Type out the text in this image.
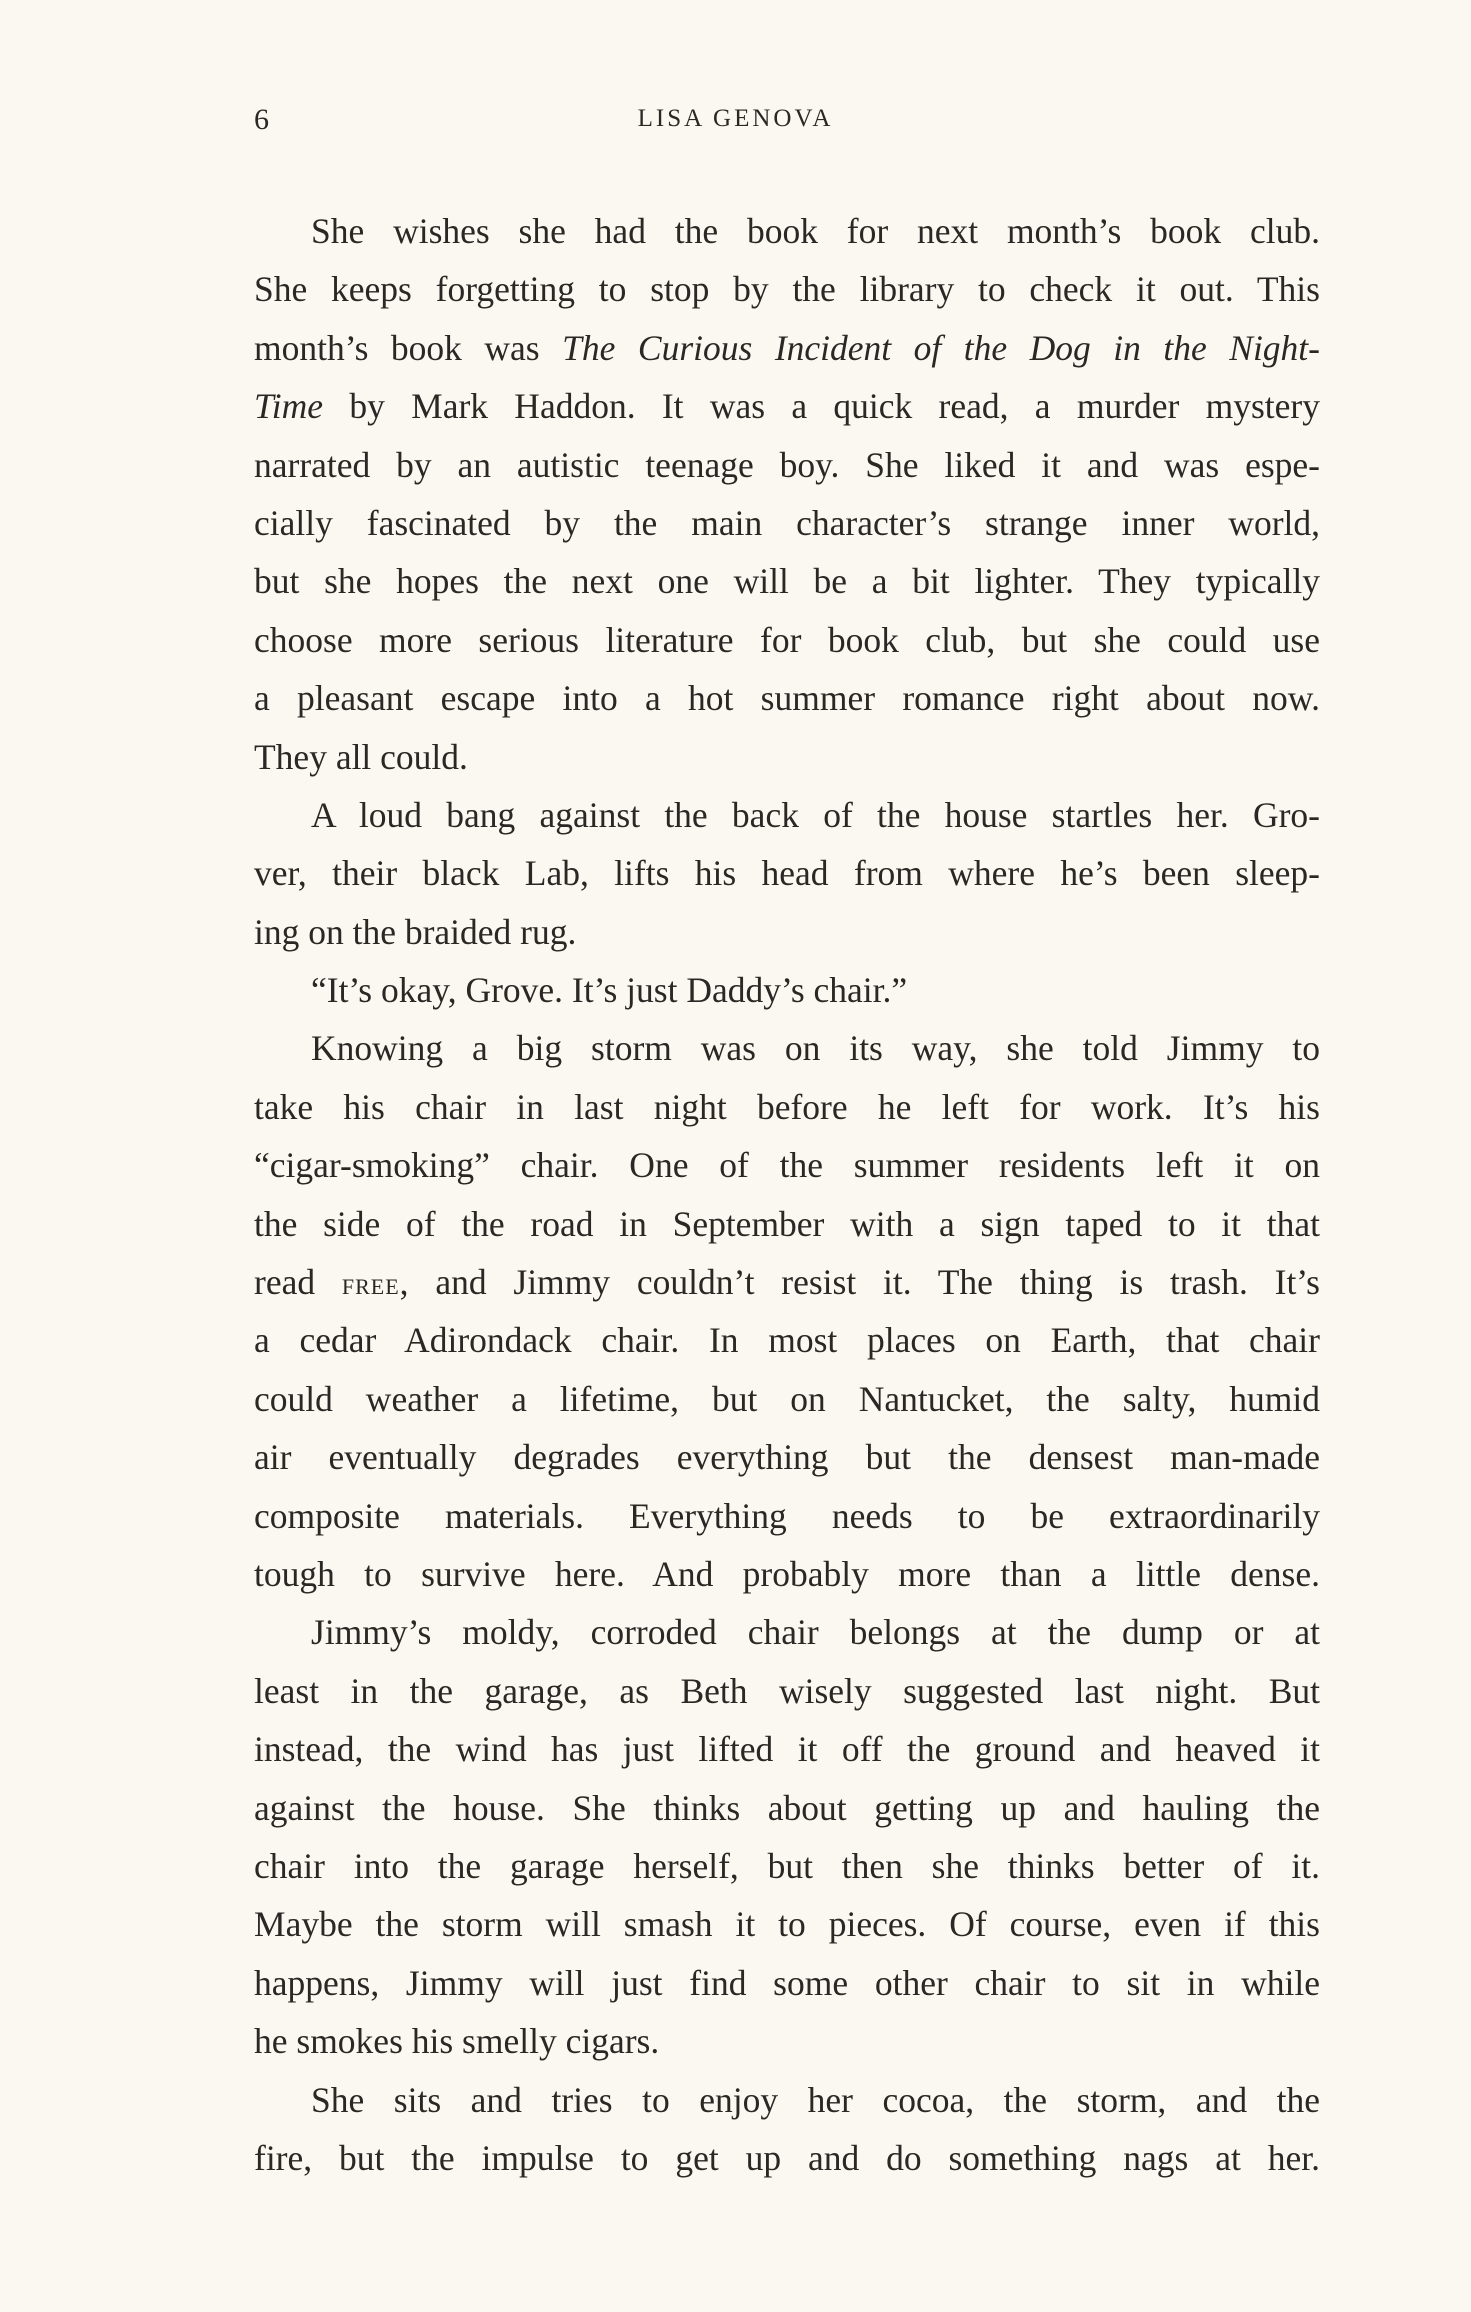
6	LISA GENOVA
She wishes she had the book for next month’s book club.
She keeps forgetting to stop by the library to check it out. This
month’s book was The Curious Incident of the Dog in the Night-
Time by Mark Haddon. It was a quick read, a murder mystery
narrated by an autistic teenage boy. She liked it and was espe-
cially fascinated by the main character’s strange inner world,
but she hopes the next one will be a bit lighter. They typically
choose more serious literature for book club, but she could use
a pleasant escape into a hot summer romance right about now.
They all could.
A loud bang against the back of the house startles her. Gro-
ver, their black Lab, lifts his head from where he’s been sleep-
ing on the braided rug.
“It’s okay, Grove. It’s just Daddy’s chair.”
Knowing a big storm was on its way, she told Jimmy to
take his chair in last night before he left for work. It’s his
“cigar-smoking” chair. One of the summer residents left it on
the side of the road in September with a sign taped to it that
read free, and Jimmy couldn’t resist it. The thing is trash. It’s
a cedar Adirondack chair. In most places on Earth, that chair
could weather a lifetime, but on Nantucket, the salty, humid
air eventually degrades everything but the densest man-made
composite materials. Everything needs to be extraordinarily
tough to survive here. And probably more than a little dense.
Jimmy’s moldy, corroded chair belongs at the dump or at
least in the garage, as Beth wisely suggested last night. But
instead, the wind has just lifted it off the ground and heaved it
against the house. She thinks about getting up and hauling the
chair into the garage herself, but then she thinks better of it.
Maybe the storm will smash it to pieces. Of course, even if this
happens, Jimmy will just find some other chair to sit in while
he smokes his smelly cigars.
She sits and tries to enjoy her cocoa, the storm, and the
fire, but the impulse to get up and do something nags at her.
